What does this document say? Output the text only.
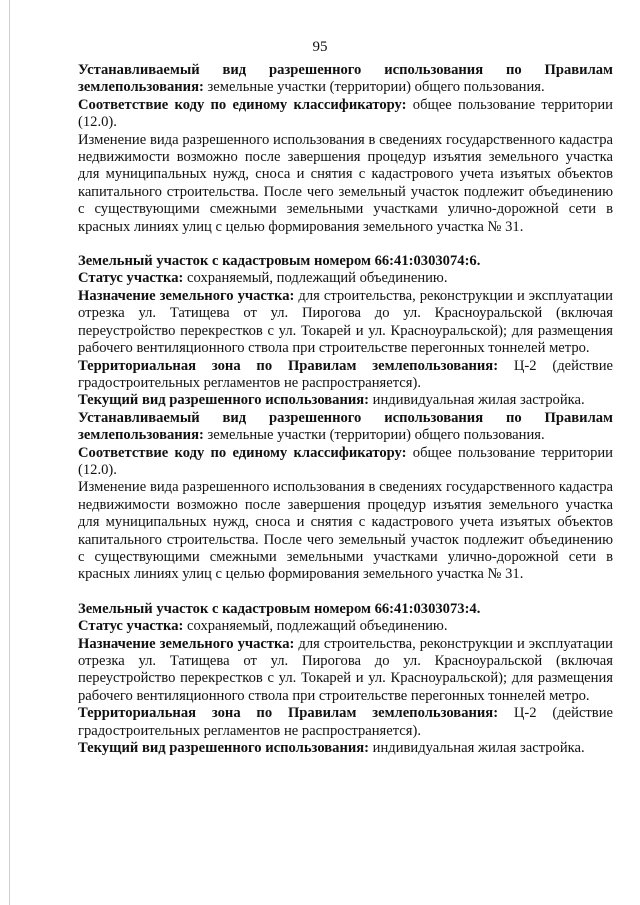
95

Устанавливаемый вид разрешенного использования по Правилам землепользования: земельные участки (территории) общего пользования.

Соответствие коду по единому классификатору: общее пользование территории (12.0).

Изменение вида разрешенного использования в сведениях государственного кадастра недвижимости возможно после завершения процедур изъятия земельного участка для муниципальных нужд, сноса и снятия с кадастрового учета изъятых объектов капитального строительства. После чего земельный участок подлежит объединению с существующими смежными земельными участками улично-дорожной сети в красных линиях улиц с целью формирования земельного участка № 31.

Земельный участок с кадастровым номером 66:41:0303074:6.

Статус участка: сохраняемый, подлежащий объединению.

Назначение земельного участка: для строительства, реконструкции и эксплуатации отрезка ул. Татищева от ул. Пирогова до ул. Красноуральской (включая переустройство перекрестков с ул. Токарей и ул. Красноуральской); для размещения рабочего вентиляционного ствола при строительстве перегонных тоннелей метро.

Территориальная зона по Правилам землепользования: Ц-2 (действие градостроительных регламентов не распространяется).

Текущий вид разрешенного использования: индивидуальная жилая застройка.

Устанавливаемый вид разрешенного использования по Правилам землепользования: земельные участки (территории) общего пользования.

Соответствие коду по единому классификатору: общее пользование территории (12.0).

Изменение вида разрешенного использования в сведениях государственного кадастра недвижимости возможно после завершения процедур изъятия земельного участка для муниципальных нужд, сноса и снятия с кадастрового учета изъятых объектов капитального строительства. После чего земельный участок подлежит объединению с существующими смежными земельными участками улично-дорожной сети в красных линиях улиц с целью формирования земельного участка № 31.

Земельный участок с кадастровым номером 66:41:0303073:4.

Статус участка: сохраняемый, подлежащий объединению.

Назначение земельного участка: для строительства, реконструкции и эксплуатации отрезка ул. Татищева от ул. Пирогова до ул. Красноуральской (включая переустройство перекрестков с ул. Токарей и ул. Красноуральской); для размещения рабочего вентиляционного ствола при строительстве перегонных тоннелей метро.

Территориальная зона по Правилам землепользования: Ц-2 (действие градостроительных регламентов не распространяется).

Текущий вид разрешенного использования: индивидуальная жилая застройка.
